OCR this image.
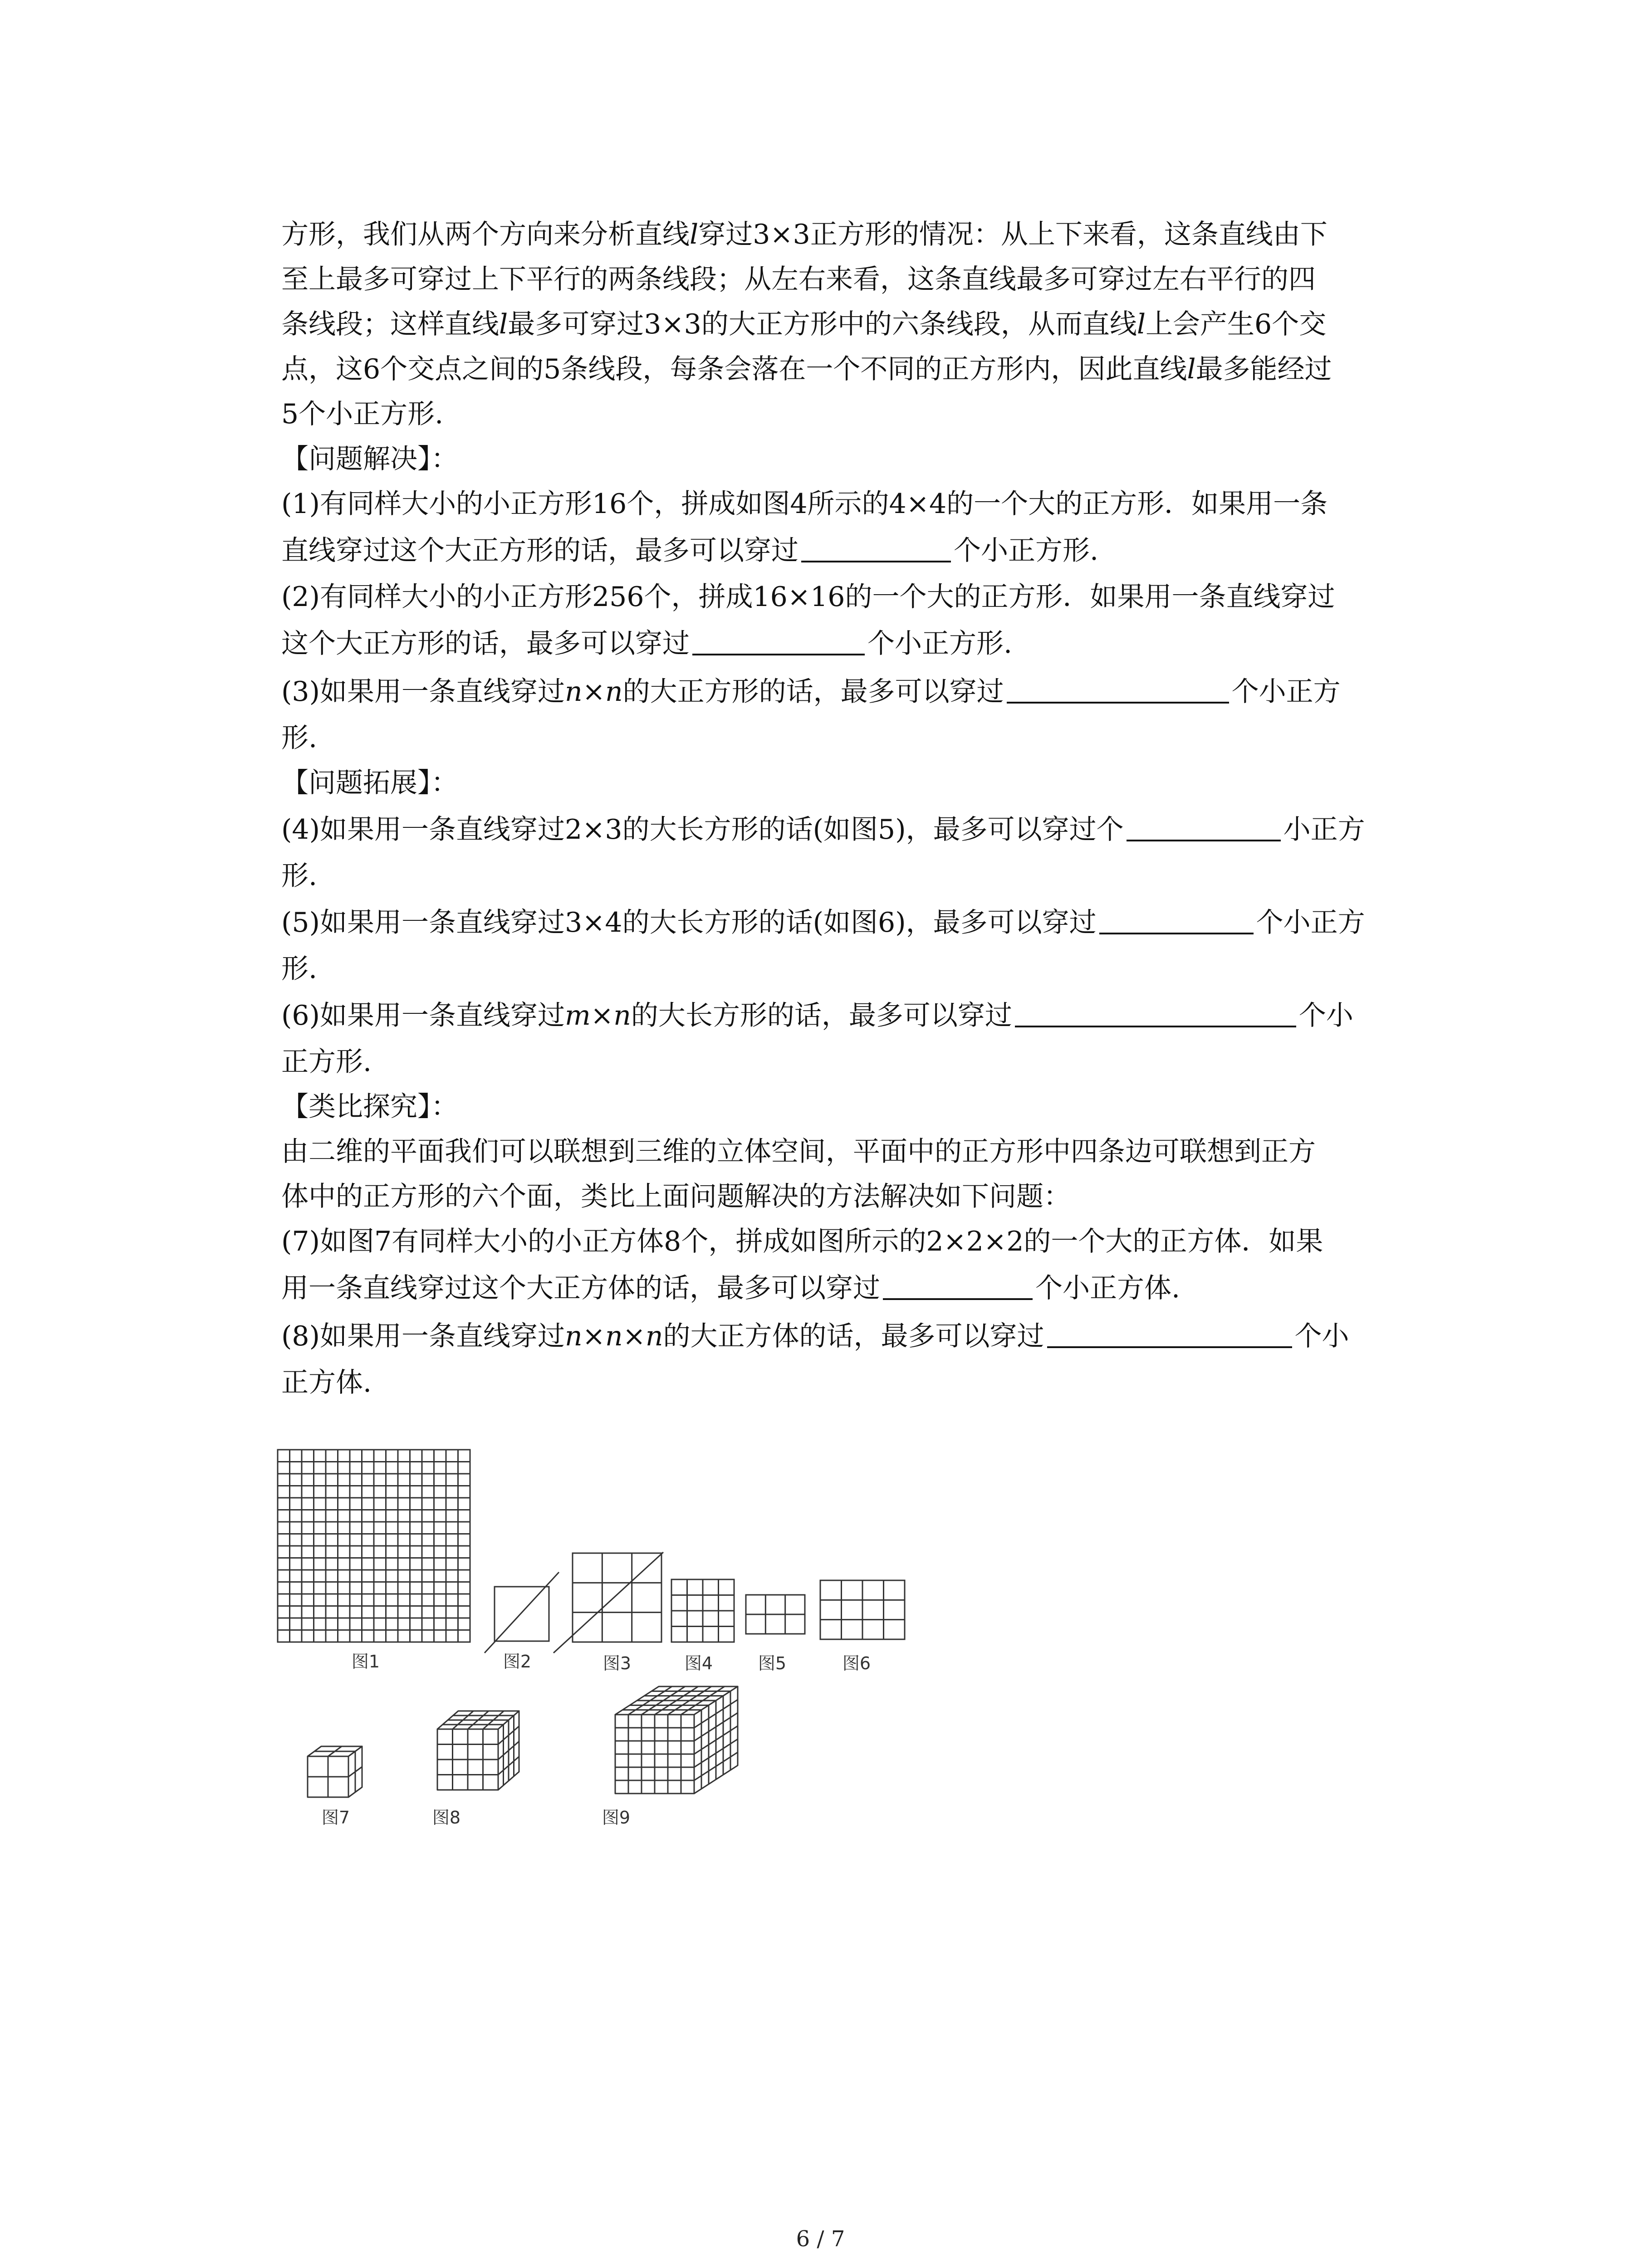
方形，我们从两个方向来分析直线l穿过3×3正方形的情况：从上下来看，这条直线由下
至上最多可穿过上下平行的两条线段；从左右来看，这条直线最多可穿过左右平行的四
条线段；这样直线l最多可穿过3×3的大正方形中的六条线段，从而直线l上会产生6个交
点，这6个交点之间的5条线段，每条会落在一个不同的正方形内，因此直线l最多能经过
5个小正方形.
【问题解决】：
(1)有同样大小的小正方形16个，拼成如图4所示的4×4的一个大的正方形．如果用一条
直线穿过这个大正方形的话，最多可以穿过	个小正方形.
(2)有同样大小的小正方形256个，拼成16×16的一个大的正方形．如果用一条直线穿过
这个大正方形的话，最多可以穿过	个小正方形.
(3)如果用一条直线穿过n×n的大正方形的话，最多可以穿过	个小正方
形.
【问题拓展】：
(4)如果用一条直线穿过2×3的大长方形的话(如图5)，最多可以穿过个	小正方
形.
(5)如果用一条直线穿过3×4的大长方形的话(如图6)，最多可以穿过	个小正方
形.
(6)如果用一条直线穿过m×n的大长方形的话，最多可以穿过	个小
正方形.
【类比探究】：
由二维的平面我们可以联想到三维的立体空间，平面中的正方形中四条边可联想到正方
体中的正方形的六个面，类比上面问题解决的方法解决如下问题：
(7)如图7有同样大小的小正方体8个，拼成如图所示的2×2×2的一个大的正方体．如果
用一条直线穿过这个大正方体的话，最多可以穿过	个小正方体.
(8)如果用一条直线穿过n×n×n的大正方体的话，最多可以穿过	个小
正方体.
图1	图2	图3	图4	图5	图6
图7	图8	图9
6 / 7
